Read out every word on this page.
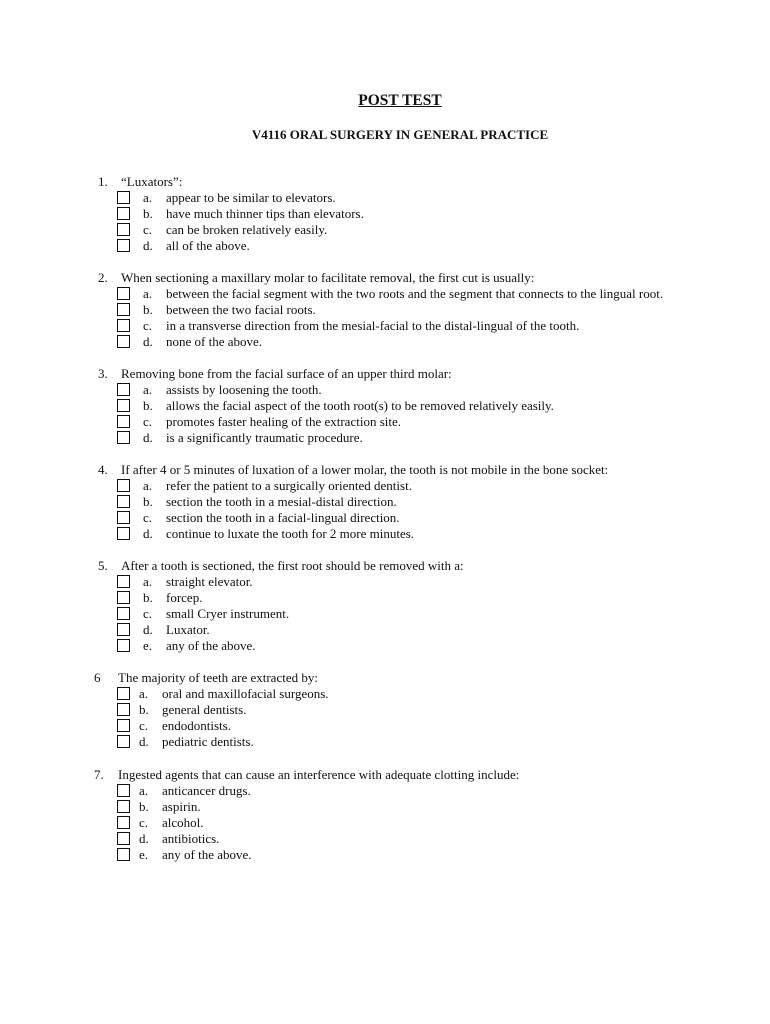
POST TEST
V4116 ORAL SURGERY IN GENERAL PRACTICE
1. “Luxators”:
a. appear to be similar to elevators.
b. have much thinner tips than elevators.
c. can be broken relatively easily.
d. all of the above.
2. When sectioning a maxillary molar to facilitate removal, the first cut is usually:
a. between the facial segment with the two roots and the segment that connects to the lingual root.
b. between the two facial roots.
c. in a transverse direction from the mesial-facial to the distal-lingual of the tooth.
d. none of the above.
3. Removing bone from the facial surface of an upper third molar:
a. assists by loosening the tooth.
b. allows the facial aspect of the tooth root(s) to be removed relatively easily.
c. promotes faster healing of the extraction site.
d. is a significantly traumatic procedure.
4. If after 4 or 5 minutes of luxation of a lower molar, the tooth is not mobile in the bone socket:
a. refer the patient to a surgically oriented dentist.
b. section the tooth in a mesial-distal direction.
c. section the tooth in a facial-lingual direction.
d. continue to luxate the tooth for 2 more minutes.
5. After a tooth is sectioned, the first root should be removed with a:
a. straight elevator.
b. forcep.
c. small Cryer instrument.
d. Luxator.
e. any of the above.
6 The majority of teeth are extracted by:
a. oral and maxillofacial surgeons.
b. general dentists.
c. endodontists.
d. pediatric dentists.
7. Ingested agents that can cause an interference with adequate clotting include:
a. anticancer drugs.
b. aspirin.
c. alcohol.
d. antibiotics.
e. any of the above.
